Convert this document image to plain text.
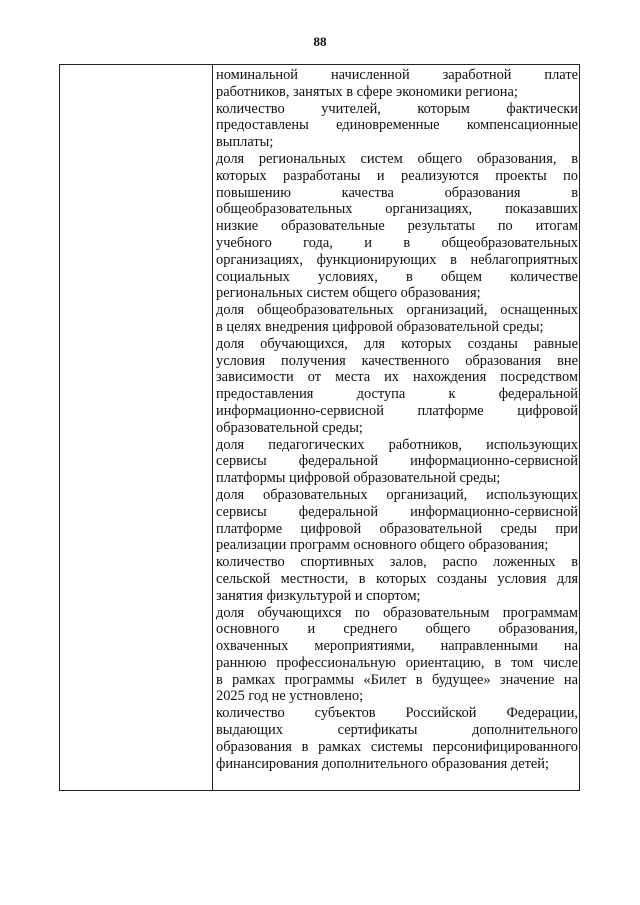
88
номинальной начисленной заработной плате
работников, занятых в сфере экономики региона;
количество учителей, которым фактически
предоставлены единовременные компенсационные
выплаты;
доля региональных систем общего образования, в
которых разработаны и реализуются проекты по
повышению качества образования в
общеобразовательных организациях, показавших
низкие образовательные результаты по итогам
учебного года, и в общеобразовательных
организациях, функционирующих в неблагоприятных
социальных условиях, в общем количестве
региональных систем общего образования;
доля общеобразовательных организаций, оснащенных
в целях внедрения цифровой образовательной среды;
доля обучающихся, для которых созданы равные
условия получения качественного образования вне
зависимости от места их нахождения посредством
предоставления доступа к федеральной
информационно-сервисной платформе цифровой
образовательной среды;
доля педагогических работников, использующих
сервисы федеральной информационно-сервисной
платформы цифровой образовательной среды;
доля образовательных организаций, использующих
сервисы федеральной информационно-сервисной
платформе цифровой образовательной среды при
реализации программ основного общего образования;
количество спортивных залов, распо ложенных в
сельской местности, в которых созданы условия для
занятия физкультурой и спортом;
доля обучающихся по образовательным программам
основного и среднего общего образования,
охваченных мероприятиями, направленными на
раннюю профессиональную ориентацию, в том числе
в рамках программы «Билет в будущее» значение на
2025 год не устновлено;
количество субъектов Российской Федерации,
выдающих сертификаты дополнительного
образования в рамках системы персонифицированного
финансирования дополнительного образования детей;
